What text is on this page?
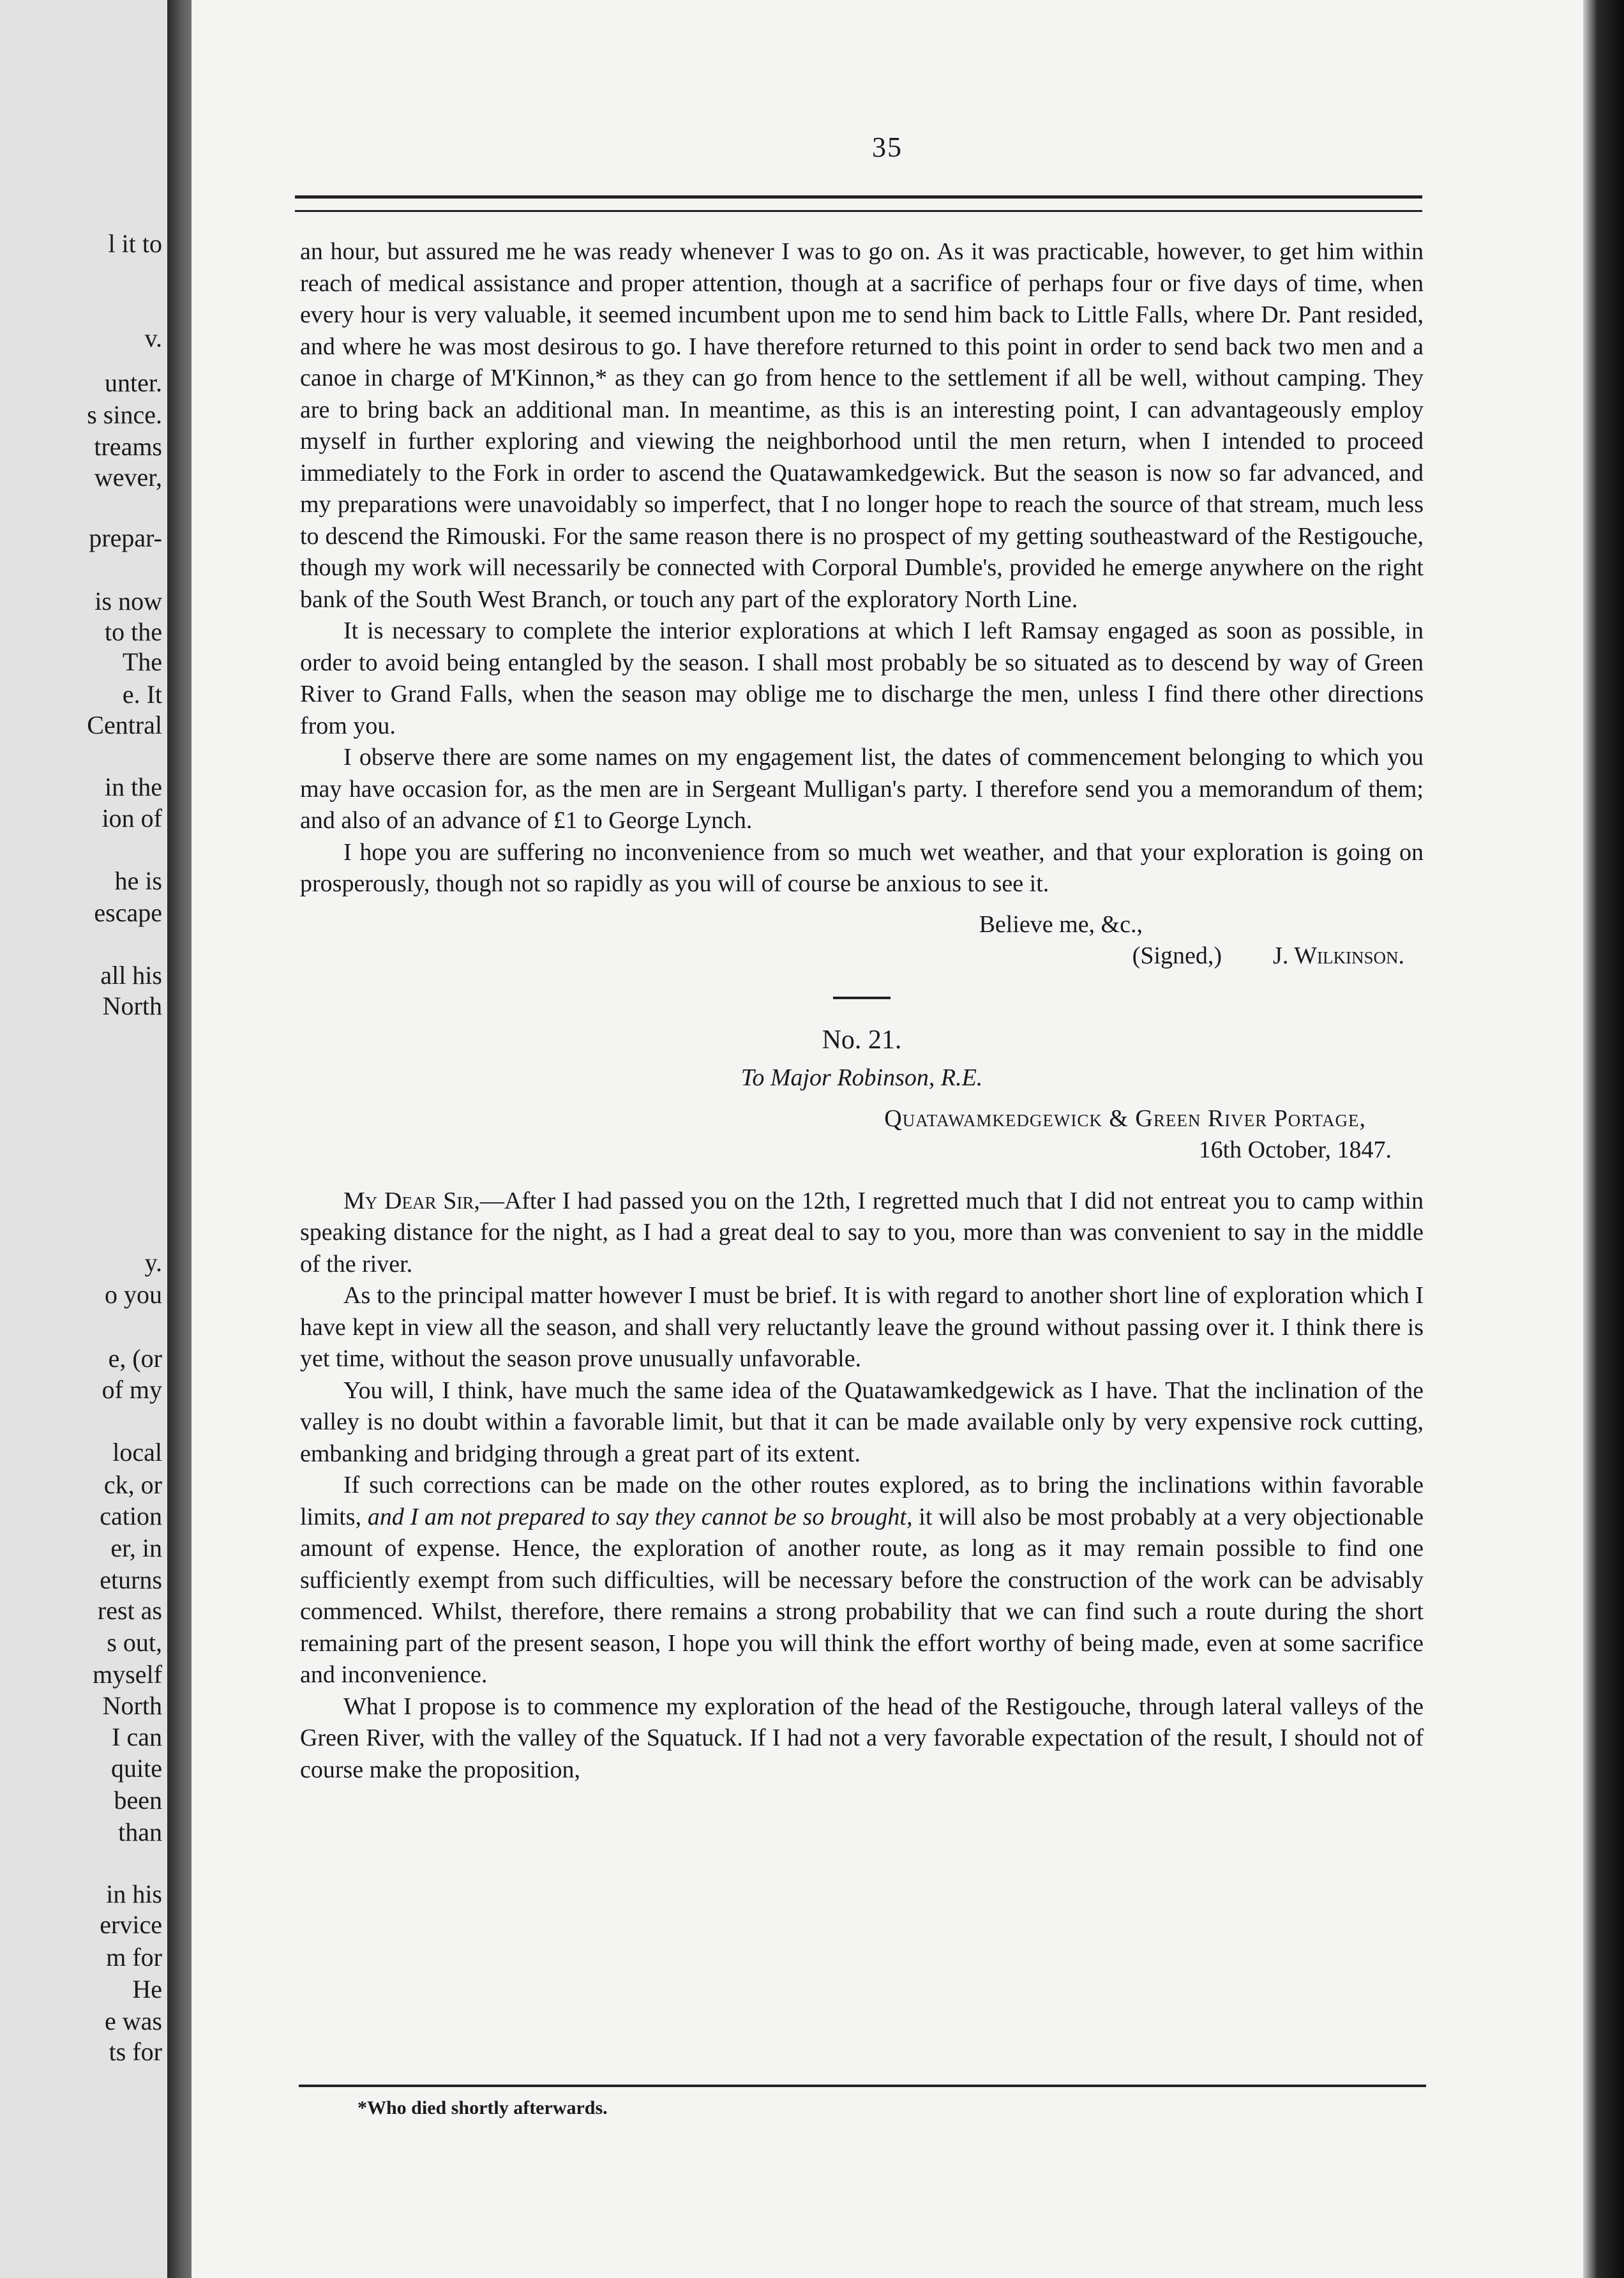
l it to
v.
unter.
s since.
treams
wever,
prepar-
is now
to the
The
e. It
Central
in the
ion of
he is
escape
all his
North
y.
o you
e, (or
of my
local
ck, or
cation
er, in
eturns
rest as
s out,
myself
North
I can
quite
been
than
in his
ervice
m for
He
e was
ts for
35

an hour, but assured me he was ready whenever I was to go on. As it was practicable, however, to get him within reach of medical assistance and proper attention, though at a sacrifice of perhaps four or five days of time, when every hour is very valuable, it seemed incumbent upon me to send him back to Little Falls, where Dr. Pant resided, and where he was most desirous to go. I have therefore returned to this point in order to send back two men and a canoe in charge of M'Kinnon,* as they can go from hence to the settlement if all be well, without camping. They are to bring back an additional man. In meantime, as this is an interesting point, I can advantageously employ myself in further exploring and viewing the neighborhood until the men return, when I intended to proceed immediately to the Fork in order to ascend the Quatawamkedgewick. But the season is now so far advanced, and my preparations were unavoidably so imperfect, that I no longer hope to reach the source of that stream, much less to descend the Rimouski. For the same reason there is no prospect of my getting southeastward of the Restigouche, though my work will necessarily be connected with Corporal Dumble's, provided he emerge anywhere on the right bank of the South West Branch, or touch any part of the exploratory North Line.

It is necessary to complete the interior explorations at which I left Ramsay engaged as soon as possible, in order to avoid being entangled by the season. I shall most probably be so situated as to descend by way of Green River to Grand Falls, when the season may oblige me to discharge the men, unless I find there other directions from you.

I observe there are some names on my engagement list, the dates of commencement belonging to which you may have occasion for, as the men are in Sergeant Mulligan's party. I therefore send you a memorandum of them; and also of an advance of £1 to George Lynch.

I hope you are suffering no inconvenience from so much wet weather, and that your exploration is going on prosperously, though not so rapidly as you will of course be anxious to see it.

Believe me, &c.,
(Signed,) J. Wilkinson.
No. 21.
To Major Robinson, R.E.
Quatawamkedgewick & Green River Portage,
16th October, 1847.

My Dear Sir,—After I had passed you on the 12th, I regretted much that I did not entreat you to camp within speaking distance for the night, as I had a great deal to say to you, more than was convenient to say in the middle of the river.

As to the principal matter however I must be brief. It is with regard to another short line of exploration which I have kept in view all the season, and shall very reluctantly leave the ground without passing over it. I think there is yet time, without the season prove unusually unfavorable.

You will, I think, have much the same idea of the Quatawamkedgewick as I have. That the inclination of the valley is no doubt within a favorable limit, but that it can be made available only by very expensive rock cutting, embanking and bridging through a great part of its extent.

If such corrections can be made on the other routes explored, as to bring the inclinations within favorable limits, and I am not prepared to say they cannot be so brought, it will also be most probably at a very objectionable amount of expense. Hence, the exploration of another route, as long as it may remain possible to find one sufficiently exempt from such difficulties, will be necessary before the construction of the work can be advisably commenced. Whilst, therefore, there remains a strong probability that we can find such a route during the short remaining part of the present season, I hope you will think the effort worthy of being made, even at some sacrifice and inconvenience.

What I propose is to commence my exploration of the head of the Restigouche, through lateral valleys of the Green River, with the valley of the Squatuck. If I had not a very favorable expectation of the result, I should not of course make the proposition,

*Who died shortly afterwards.
